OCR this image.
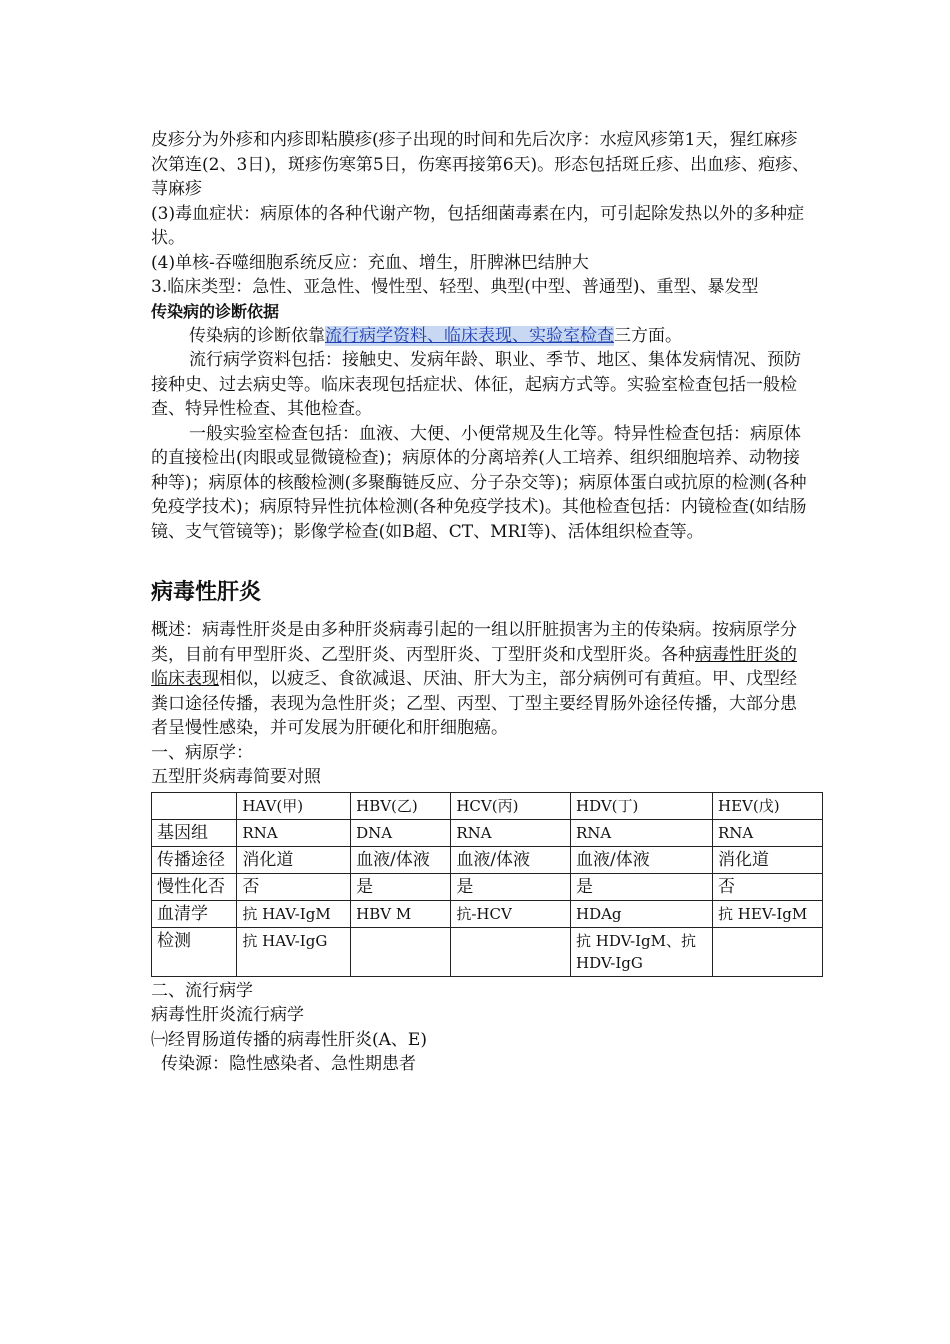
皮疹分为外疹和内疹即粘膜疹(疹子出现的时间和先后次序：水痘风疹第1天，猩红麻疹次第连(2、3日)，斑疹伤寒第5日，伤寒再接第6天)。形态包括斑丘疹、出血疹、疱疹、荨麻疹

(3)毒血症状：病原体的各种代谢产物，包括细菌毒素在内，可引起除发热以外的多种症状。

(4)单核-吞噬细胞系统反应：充血、增生，肝脾淋巴结肿大

3.临床类型：急性、亚急性、慢性型、轻型、典型(中型、普通型)、重型、暴发型

传染病的诊断依据

传染病的诊断依靠流行病学资料、临床表现、实验室检查三方面。

流行病学资料包括：接触史、发病年龄、职业、季节、地区、集体发病情况、预防接种史、过去病史等。临床表现包括症状、体征，起病方式等。实验室检查包括一般检查、特异性检查、其他检查。

一般实验室检查包括：血液、大便、小便常规及生化等。特异性检查包括：病原体的直接检出(肉眼或显微镜检查)；病原体的分离培养(人工培养、组织细胞培养、动物接种等)；病原体的核酸检测(多聚酶链反应、分子杂交等)；病原体蛋白或抗原的检测(各种免疫学技术)；病原特异性抗体检测(各种免疫学技术)。其他检查包括：内镜检查(如结肠镜、支气管镜等)；影像学检查(如B超、CT、MRI等)、活体组织检查等。

病毒性肝炎

概述：病毒性肝炎是由多种肝炎病毒引起的一组以肝脏损害为主的传染病。按病原学分类，目前有甲型肝炎、乙型肝炎、丙型肝炎、丁型肝炎和戊型肝炎。各种病毒性肝炎的临床表现相似，以疲乏、食欲减退、厌油、肝大为主，部分病例可有黄疸。甲、戊型经粪口途径传播，表现为急性肝炎；乙型、丙型、丁型主要经胃肠外途径传播，大部分患者呈慢性感染，并可发展为肝硬化和肝细胞癌。

一、病原学：

五型肝炎病毒简要对照

	HAV(甲)	HBV(乙)	HCV(丙)	HDV(丁)	HEV(戊)
基因组	RNA	DNA	RNA	RNA	RNA
传播途径	消化道	血液/体液	血液/体液	血液/体液	消化道
慢性化否	否	是	是	是	否
血清学	抗 HAV-IgM	HBV M	抗-HCV	HDAg	抗 HEV-IgM
检测	抗 HAV-IgG			抗 HDV-IgM、抗 HDV-IgG	

二、流行病学

病毒性肝炎流行病学

㈠经胃肠道传播的病毒性肝炎(A、E)

传染源：隐性感染者、急性期患者
